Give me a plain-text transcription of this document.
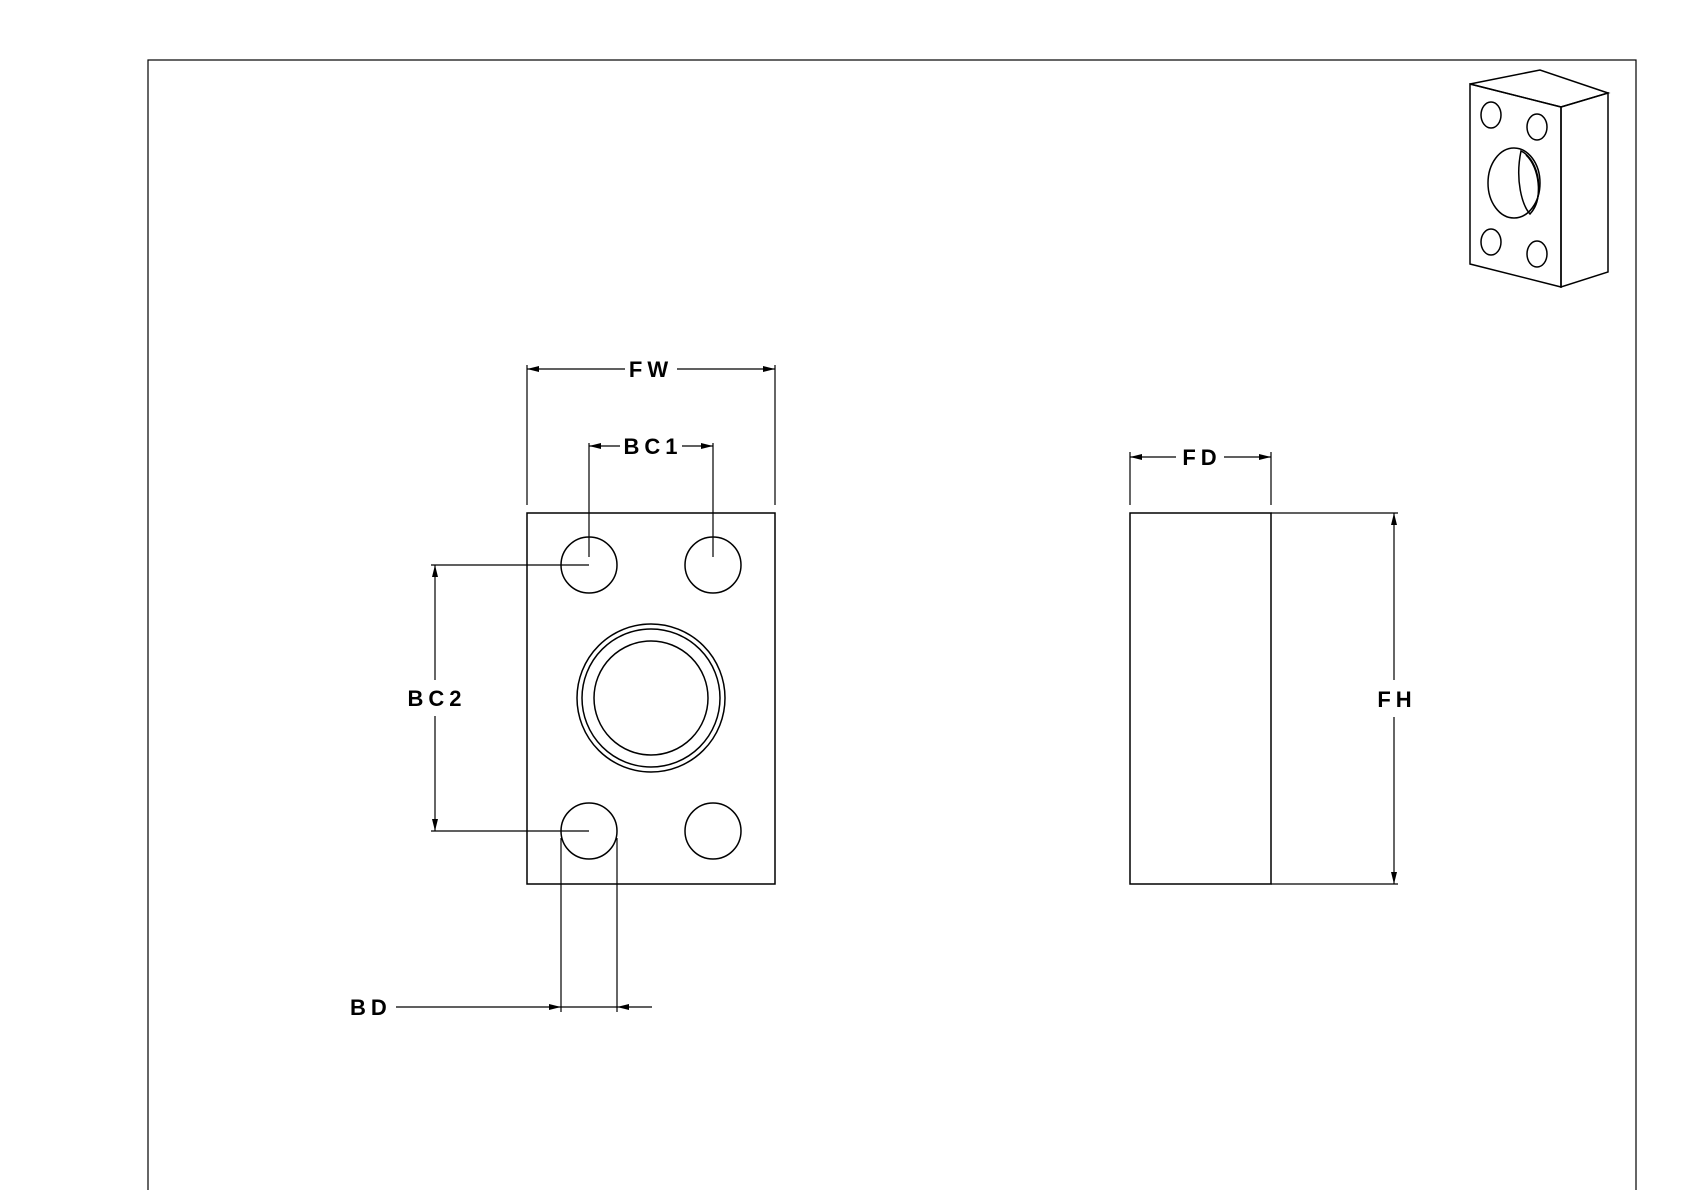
FW
BC1
BC2
BD
FD
FH
